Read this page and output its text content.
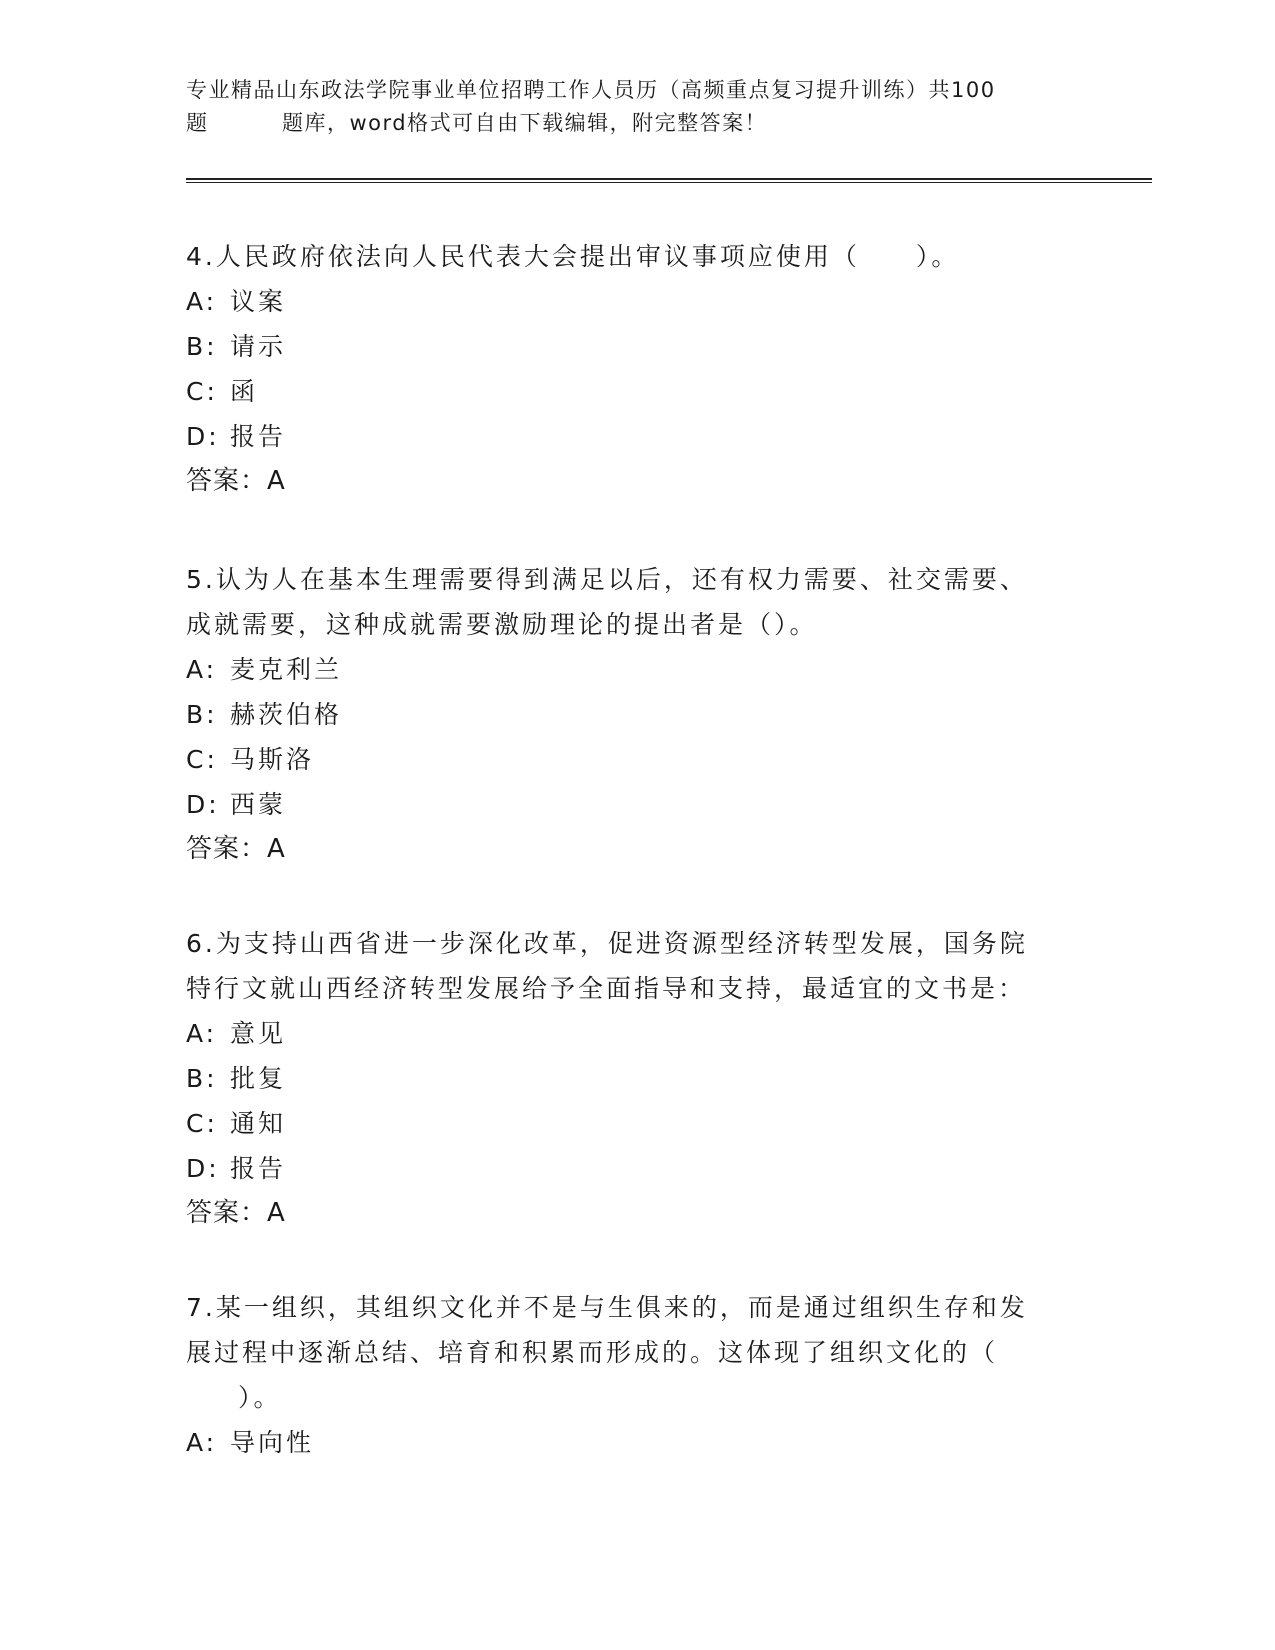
专业精品山东政法学院事业单位招聘工作人员历（高频重点复习提升训练）共100
题	题库，word格式可自由下载编辑，附完整答案！
4.人民政府依法向人民代表大会提出审议事项应使用（　　）。
A: 议案
B: 请示
C: 函
D: 报告
答案：A
5.认为人在基本生理需要得到满足以后，还有权力需要、社交需要、
成就需要，这种成就需要激励理论的提出者是（）。
A: 麦克利兰
B: 赫茨伯格
C: 马斯洛
D: 西蒙
答案：A
6.为支持山西省进一步深化改革，促进资源型经济转型发展，国务院
特行文就山西经济转型发展给予全面指导和支持，最适宜的文书是：
A: 意见
B: 批复
C: 通知
D: 报告
答案：A
7.某一组织，其组织文化并不是与生俱来的，而是通过组织生存和发
展过程中逐渐总结、培育和积累而形成的。这体现了组织文化的（
）。
A: 导向性
